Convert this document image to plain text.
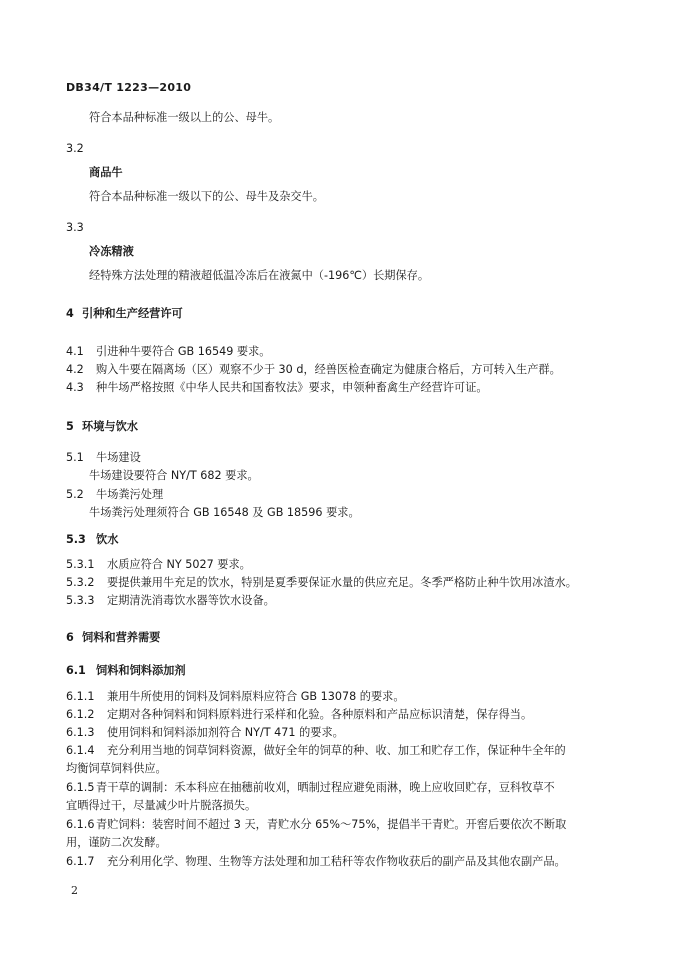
DB34/T 1223—2010
符合本品种标准一级以上的公、母牛。
3.2
商品牛
符合本品种标准一级以下的公、母牛及杂交牛。
3.3
冷冻精液
经特殊方法处理的精液超低温冷冻后在液氮中（-196℃）长期保存。
4 引种和生产经营许可
4.1 引进种牛要符合 GB 16549 要求。
4.2 购入牛要在隔离场（区）观察不少于 30 d，经兽医检查确定为健康合格后，方可转入生产群。
4.3 种牛场严格按照《中华人民共和国畜牧法》要求，申领种畜禽生产经营许可证。
5 环境与饮水
5.1 牛场建设
牛场建设要符合 NY/T 682 要求。
5.2 牛场粪污处理
牛场粪污处理须符合 GB 16548 及 GB 18596 要求。
5.3 饮水
5.3.1 水质应符合 NY 5027 要求。
5.3.2 要提供兼用牛充足的饮水，特别是夏季要保证水量的供应充足。冬季严格防止种牛饮用冰渣水。
5.3.3 定期清洗消毒饮水器等饮水设备。
6 饲料和营养需要
6.1 饲料和饲料添加剂
6.1.1 兼用牛所使用的饲料及饲料原料应符合 GB 13078 的要求。
6.1.2 定期对各种饲料和饲料原料进行采样和化验。各种原料和产品应标识清楚，保存得当。
6.1.3 使用饲料和饲料添加剂符合 NY/T 471 的要求。
6.1.4 充分利用当地的饲草饲料资源，做好全年的饲草的种、收、加工和贮存工作，保证种牛全年的
均衡饲草饲料供应。
6.1.5 青干草的调制：禾本科应在抽穗前收刈，晒制过程应避免雨淋，晚上应收回贮存，豆科牧草不
宜晒得过干，尽量减少叶片脱落损失。
6.1.6 青贮饲料：装窖时间不超过 3 天，青贮水分 65%～75%，提倡半干青贮。开窖后要依次不断取
用，谨防二次发酵。
6.1.7 充分利用化学、物理、生物等方法处理和加工秸秆等农作物收获后的副产品及其他农副产品。
2
